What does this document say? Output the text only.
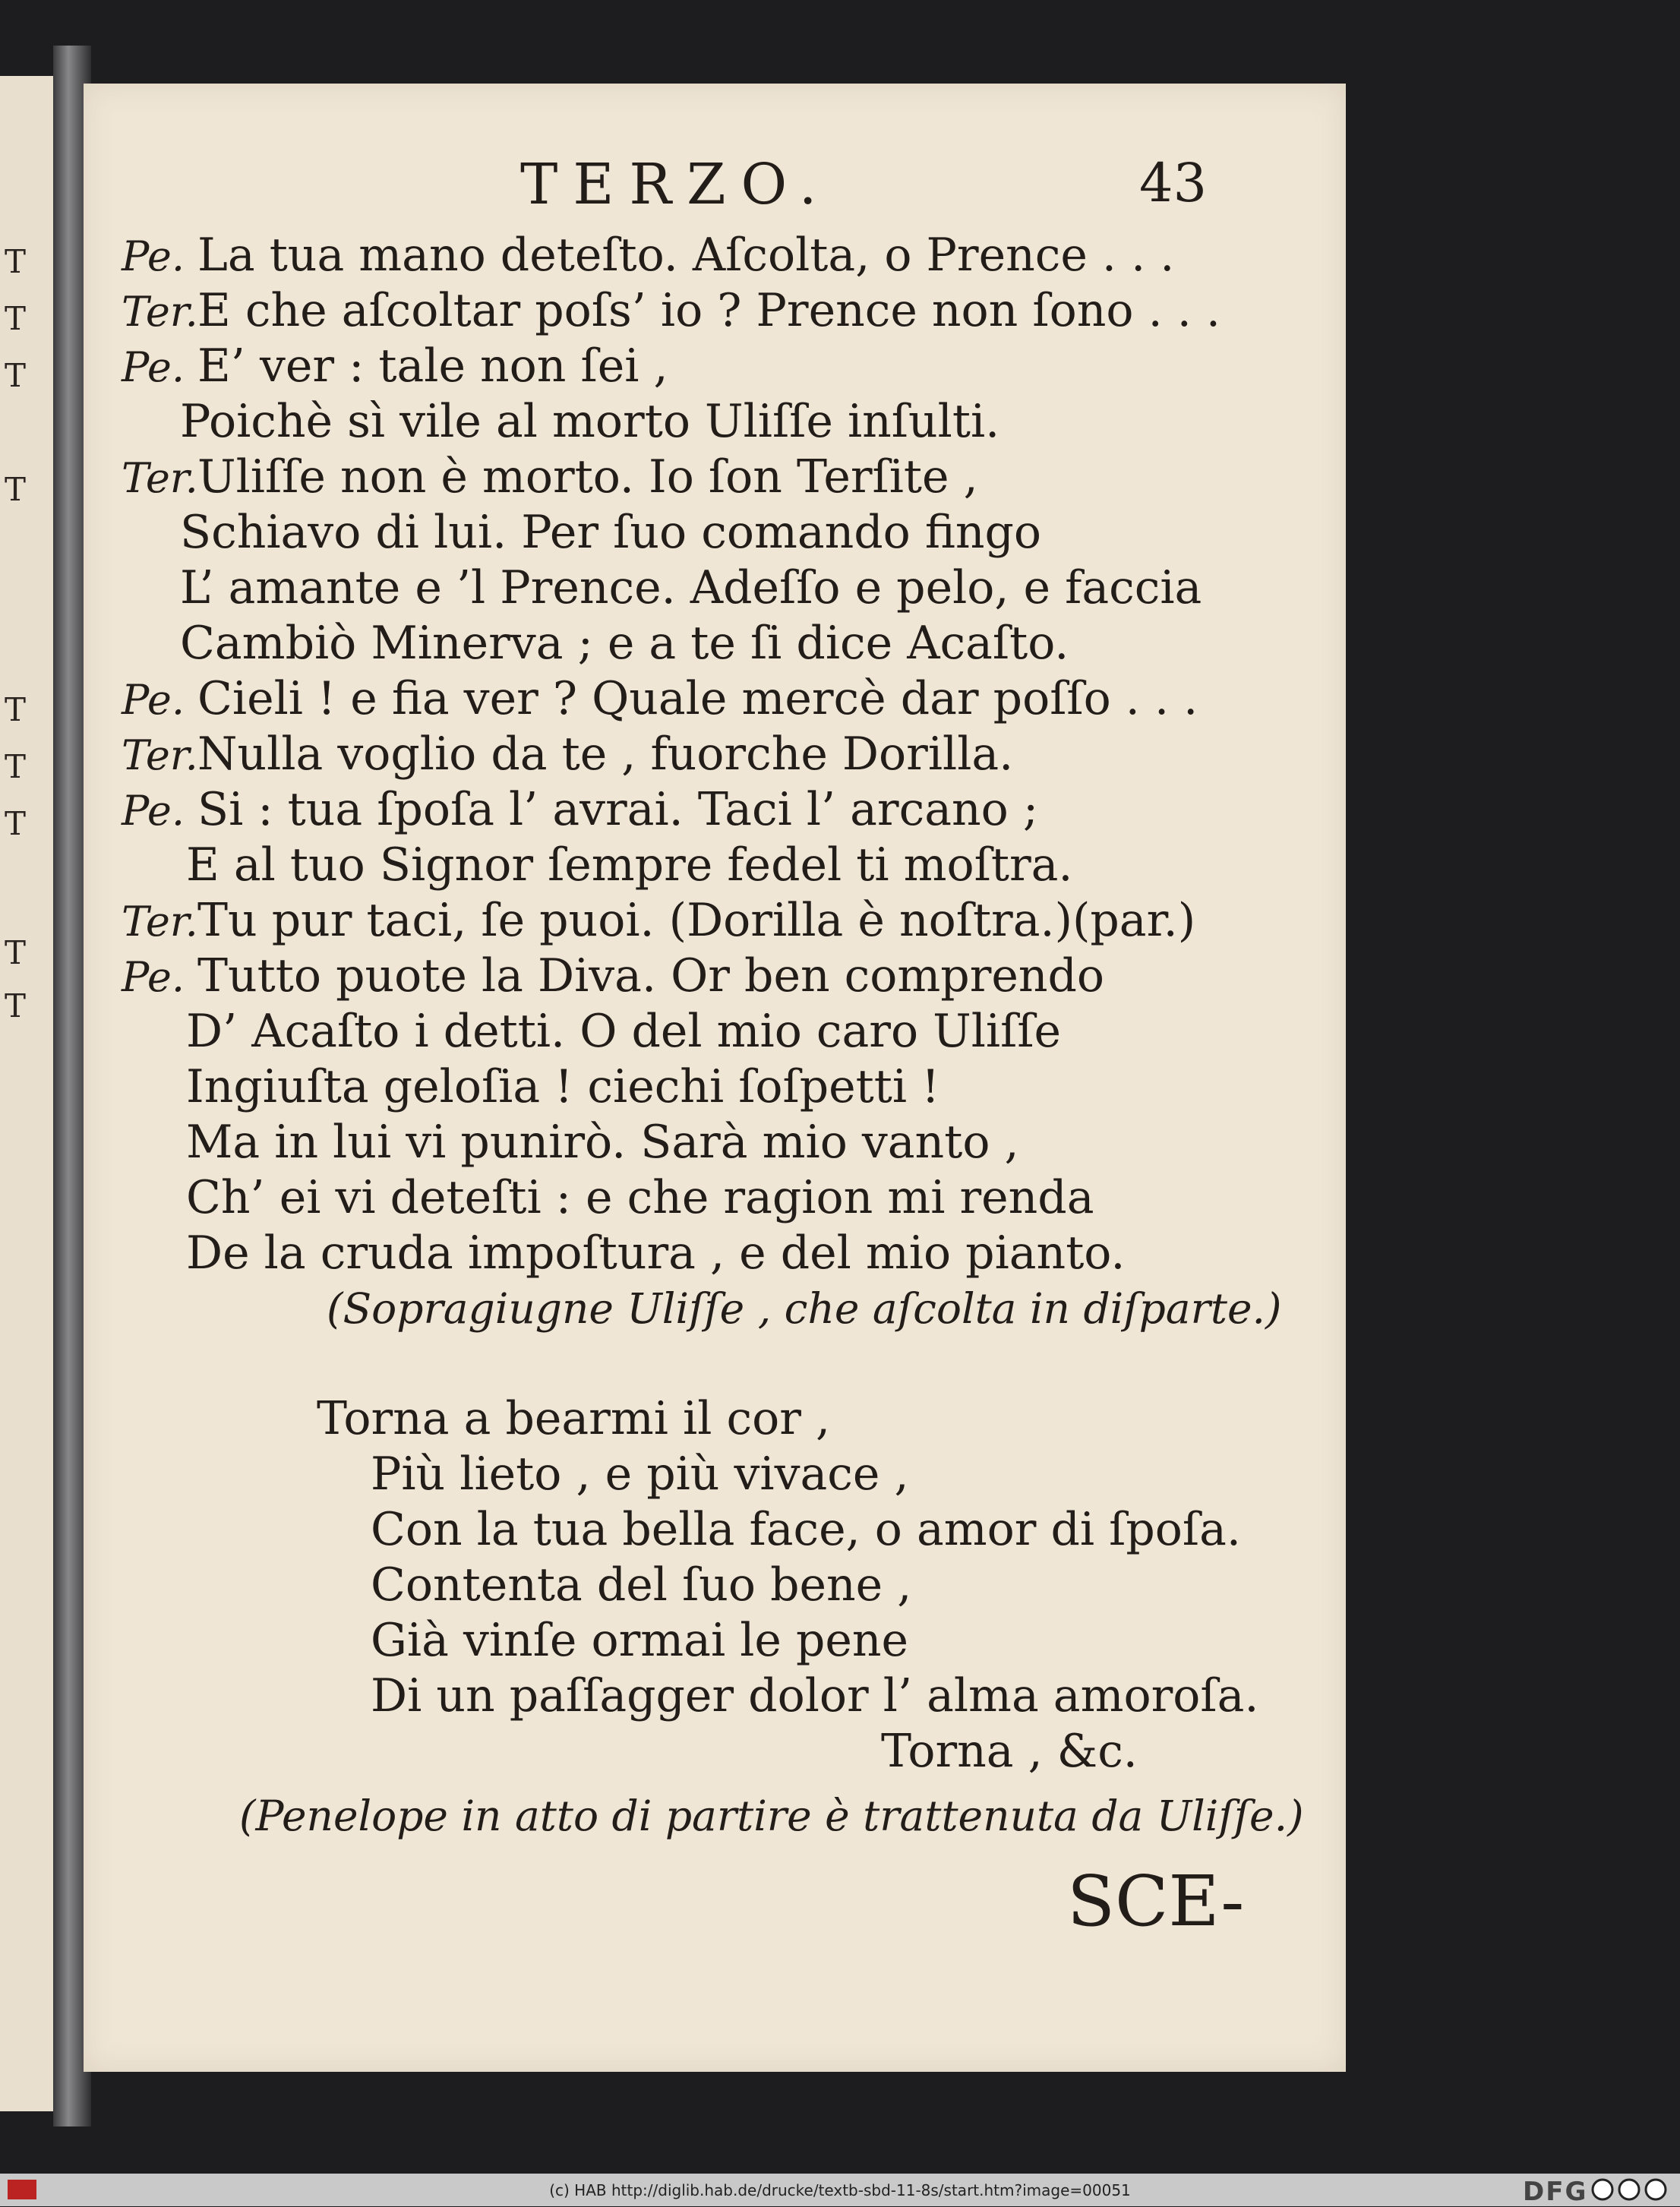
T
T
T
T
T
T
T
T
T
TERZO.	43
Pe. La tua mano deteſto. Aſcolta, o Prence . . .
Ter.E che aſcoltar poſs’ io ? Prence non ſono . . .
Pe. E’ ver : tale non ſei ,
Poichè sì vile al morto Uliſſe inſulti.
Ter.Uliſſe non è morto. Io ſon Terſite ,
Schiavo di lui. Per ſuo comando fingo
L’ amante e ’l Prence. Adeſſo e pelo, e faccia
Cambiò Minerva ; e a te ſi dice Acaſto.
Pe. Cieli ! e fia ver ? Quale mercè dar poſſo . . .
Ter.Nulla voglio da te , fuorche Dorilla.
Pe. Si : tua ſpoſa l’ avrai. Taci l’ arcano ;
E al tuo Signor ſempre fedel ti moſtra.
Ter.Tu pur taci, ſe puoi. (Dorilla è noſtra.)(par.)
Pe. Tutto puote la Diva. Or ben comprendo
D’ Acaſto i detti. O del mio caro Uliſſe
Ingiuſta geloſia ! ciechi ſoſpetti !
Ma in lui vi punirò. Sarà mio vanto ,
Ch’ ei vi deteſti : e che ragion mi renda
De la cruda impoſtura , e del mio pianto.
(Sopragiugne Uliſſe , che aſcolta in diſparte.)
Torna a bearmi il cor ,
Più lieto , e più vivace ,
Con la tua bella face, o amor di ſpoſa.
Contenta del ſuo bene ,
Già vinſe ormai le pene
Di un paſſagger dolor l’ alma amoroſa.
Torna , &c.
(Penelope in atto di partire è trattenuta da Uliſſe.)
SCE-
(c) HAB http://diglib.hab.de/drucke/textb-sbd-11-8s/start.htm?image=00051	DFG
